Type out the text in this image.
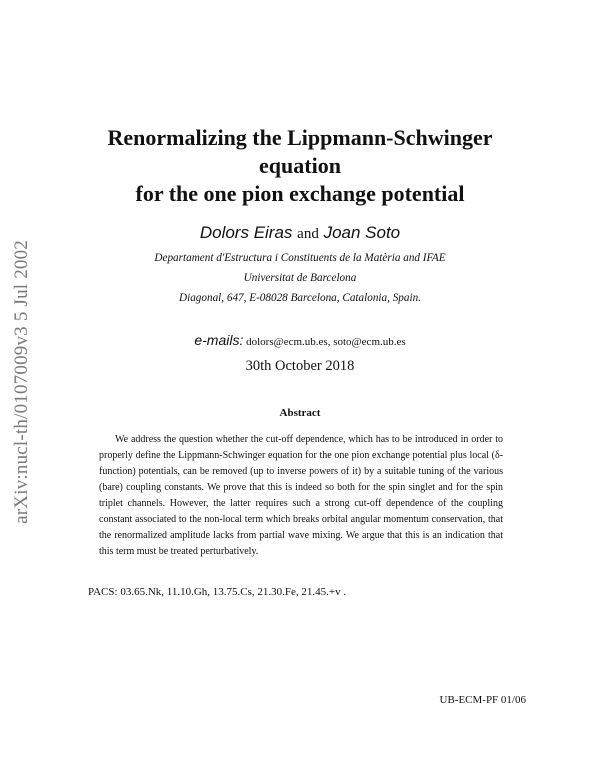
arXiv:nucl-th/0107009v3 5 Jul 2002
Renormalizing the Lippmann-Schwinger
equation
for the one pion exchange potential
Dolors Eiras and Joan Soto
Departament d'Estructura i Constituents de la Matèria and IFAE
Universitat de Barcelona
Diagonal, 647, E-08028 Barcelona, Catalonia, Spain.
e-mails: dolors@ecm.ub.es, soto@ecm.ub.es
30th October 2018
Abstract

We address the question whether the cut-off dependence, which has to be introduced in order to properly define the Lippmann-Schwinger equation for the one pion exchange potential plus local (δ-function) potentials, can be removed (up to inverse powers of it) by a suitable tuning of the various (bare) coupling constants. We prove that this is indeed so both for the spin singlet and for the spin triplet channels. However, the latter requires such a strong cut-off dependence of the coupling constant associated to the non-local term which breaks orbital angular momentum conservation, that the renormalized amplitude lacks from partial wave mixing. We argue that this is an indication that this term must be treated perturbatively.

PACS: 03.65.Nk, 11.10.Gh, 13.75.Cs, 21.30.Fe, 21.45.+v .
UB-ECM-PF 01/06
